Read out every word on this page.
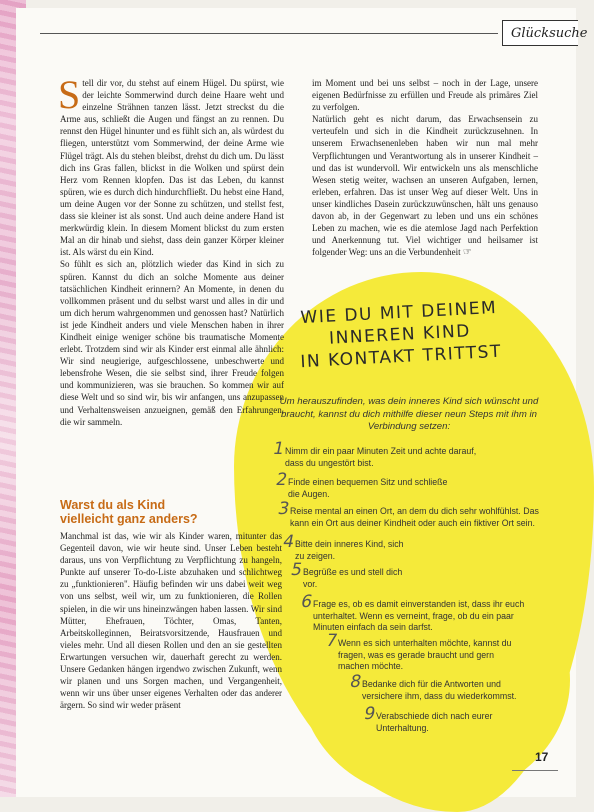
Glücksuche
S tell dir vor, du stehst auf einem Hügel. Du spürst, wie der leichte Sommerwind durch deine Haare weht und einzelne Strähnen tanzen lässt. Jetzt streckst du die Arme aus, schließt die Augen und fängst an zu rennen. Du rennst den Hügel hinunter und es fühlt sich an, als würdest du fliegen, unterstützt vom Sommerwind, der deine Arme wie Flügel trägt. Als du stehen bleibst, drehst du dich um. Du lässt dich ins Gras fallen, blickst in die Wolken und spürst dein Herz vom Rennen klopfen. Das ist das Leben, du kannst spüren, wie es durch dich hindurchfließt. Du hebst eine Hand, um deine Augen vor der Sonne zu schützen, und stellst fest, dass sie kleiner ist als sonst. Und auch deine andere Hand ist merkwürdig klein. In diesem Moment blickst du zum ersten Mal an dir hinab und siehst, dass dein ganzer Körper kleiner ist. Als wärst du ein Kind.

So fühlt es sich an, plötzlich wieder das Kind in sich zu spüren. Kannst du dich an solche Momente aus deiner tatsächlichen Kindheit erinnern? An Momente, in denen du vollkommen präsent und du selbst warst und alles in dir und um dich herum wahrgenommen und genossen hast? Natürlich ist jede Kindheit anders und viele Menschen haben in ihrer Kindheit einige weniger schöne bis traumatische Momente erlebt. Trotzdem sind wir als Kinder erst einmal alle ähnlich: Wir sind neugierige, aufgeschlossene, unbeschwerte und lebensfrohe Wesen, die sie selbst sind, ihrer Freude folgen und kommunizieren, was sie brauchen. So kommen wir auf diese Welt und so sind wir, bis wir anfangen, uns anzupassen und Verhaltensweisen anzueignen, gemäß den Erfahrungen, die wir sammeln.

Warst du als Kind
vielleicht ganz anders?

Manchmal ist das, wie wir als Kinder waren, mitunter das Gegenteil davon, wie wir heute sind. Unser Leben besteht daraus, uns von Verpflichtung zu Verpflichtung zu hangeln, Punkte auf unserer To-do-Liste abzuhaken und schlichtweg zu „funktionieren". Häufig befinden wir uns dabei weit weg von uns selbst, weil wir, um zu funktionieren, die Rollen spielen, in die wir uns hineinzwängen haben lassen. Wir sind Mütter, Ehefrauen, Töchter, Omas, Tanten, Arbeitskolleginnen, Beiratsvorsitzende, Hausfrauen und vieles mehr. Und all diesen Rollen und den an sie gestellten Erwartungen versuchen wir, dauerhaft gerecht zu werden. Unsere Gedanken hängen irgendwo zwischen Zukunft, wenn wir planen und uns Sorgen machen, und Vergangenheit, wenn wir uns über unser eigenes Verhalten oder das anderer ärgern. So sind wir weder präsent

im Moment und bei uns selbst – noch in der Lage, unsere eigenen Bedürfnisse zu erfüllen und Freude als primäres Ziel zu verfolgen.

Natürlich geht es nicht darum, das Erwachsensein zu verteufeln und sich in die Kindheit zurückzusehnen. In unserem Erwachsenenleben haben wir nun mal mehr Verpflichtungen und Verantwortung als in unserer Kindheit – und das ist wundervoll. Wir entwickeln uns als menschliche Wesen stetig weiter, wachsen an unseren Aufgaben, lernen, erleben, erfahren. Das ist unser Weg auf dieser Welt. Uns in unser kindliches Dasein zurückzuwünschen, hält uns genauso davon ab, in der Gegenwart zu leben und uns ein schönes Leben zu machen, wie es die atemlose Jagd nach Perfektion und Anerkennung tut. Viel wichtiger und heilsamer ist folgender Weg: uns an die Verbundenheit ☞

WIE DU MIT DEINEM
INNEREN KIND
IN KONTAKT TRITTST
Um herauszufinden, was dein inneres Kind sich wünscht und braucht, kannst du dich mithilfe dieser neun Steps mit ihm in Verbindung setzen:
1
Nimm dir ein paar Minuten Zeit und achte darauf, dass du ungestört bist.
2
Finde einen bequemen Sitz und schließe die Augen.
3
Reise mental an einen Ort, an dem du dich sehr wohlfühlst. Das kann ein Ort aus deiner Kindheit oder auch ein fiktiver Ort sein.
4
Bitte dein inneres Kind, sich zu zeigen.
5
Begrüße es und stell dich vor.
6
Frage es, ob es damit einverstanden ist, dass ihr euch unterhaltet. Wenn es verneint, frage, ob du ein paar Minuten einfach da sein darfst.
7
Wenn es sich unterhalten möchte, kannst du fragen, was es gerade braucht und gern machen möchte.
8
Bedanke dich für die Antworten und versichere ihm, dass du wiederkommst.
9
Verabschiede dich nach eurer Unterhaltung.
17
